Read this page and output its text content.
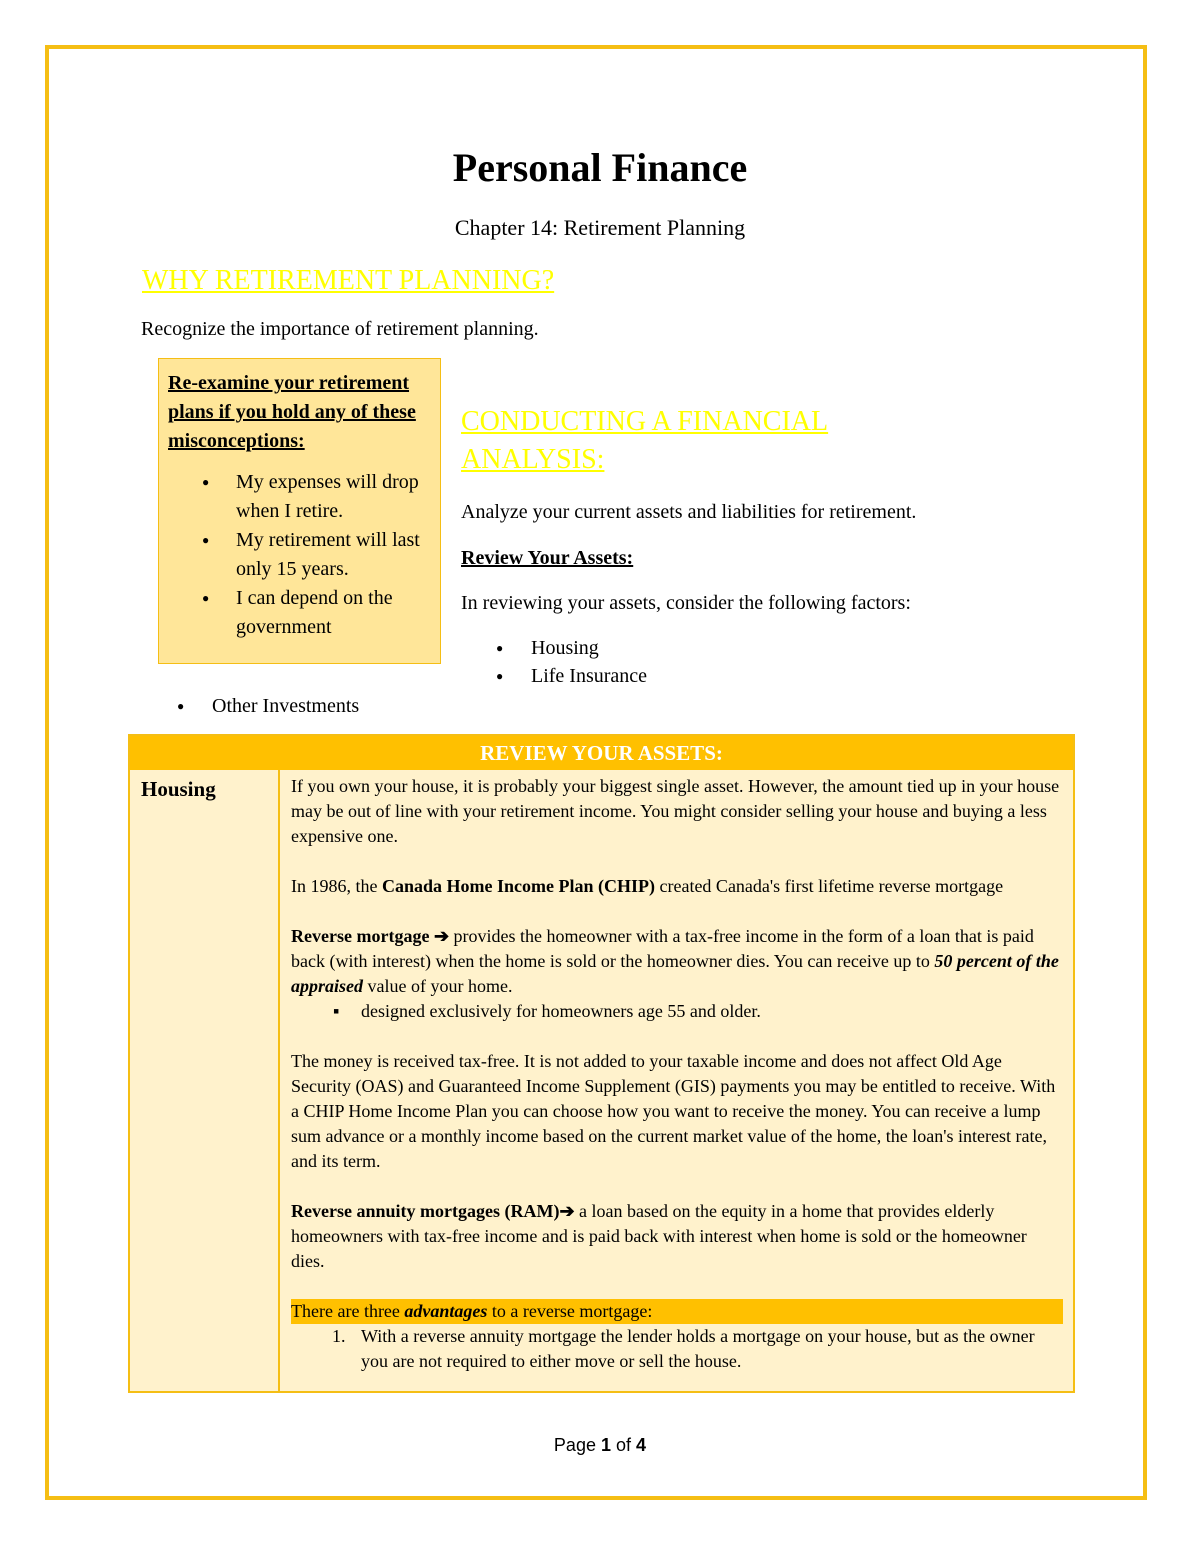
Personal Finance
Chapter 14: Retirement Planning
WHY RETIREMENT PLANNING?
Recognize the importance of retirement planning.
Re-examine your retirement plans if you hold any of these misconceptions:
● My expenses will drop when I retire.
● My retirement will last only 15 years.
● I can depend on the government
CONDUCTING A FINANCIAL ANALYSIS:
Analyze your current assets and liabilities for retirement.
Review Your Assets:
In reviewing your assets, consider the following factors:
● Housing
● Life Insurance
● Other Investments
REVIEW YOUR ASSETS:
Housing	If you own your house, it is probably your biggest single asset. However, the amount tied up in your house may be out of line with your retirement income. You might consider selling your house and buying a less expensive one.

In 1986, the Canada Home Income Plan (CHIP) created Canada's first lifetime reverse mortgage

Reverse mortgage ➔ provides the homeowner with a tax-free income in the form of a loan that is paid back (with interest) when the home is sold or the homeowner dies. You can receive up to 50 percent of the appraised value of your home.

▪ designed exclusively for homeowners age 55 and older.

The money is received tax-free. It is not added to your taxable income and does not affect Old Age Security (OAS) and Guaranteed Income Supplement (GIS) payments you may be entitled to receive. With a CHIP Home Income Plan you can choose how you want to receive the money. You can receive a lump sum advance or a monthly income based on the current market value of the home, the loan's interest rate, and its term.

Reverse annuity mortgages (RAM)➔ a loan based on the equity in a home that provides elderly homeowners with tax-free income and is paid back with interest when home is sold or the homeowner dies.

There are three advantages to a reverse mortgage:

1. With a reverse annuity mortgage the lender holds a mortgage on your house, but as the owner you are not required to either move or sell the house.
Page 1 of 4
